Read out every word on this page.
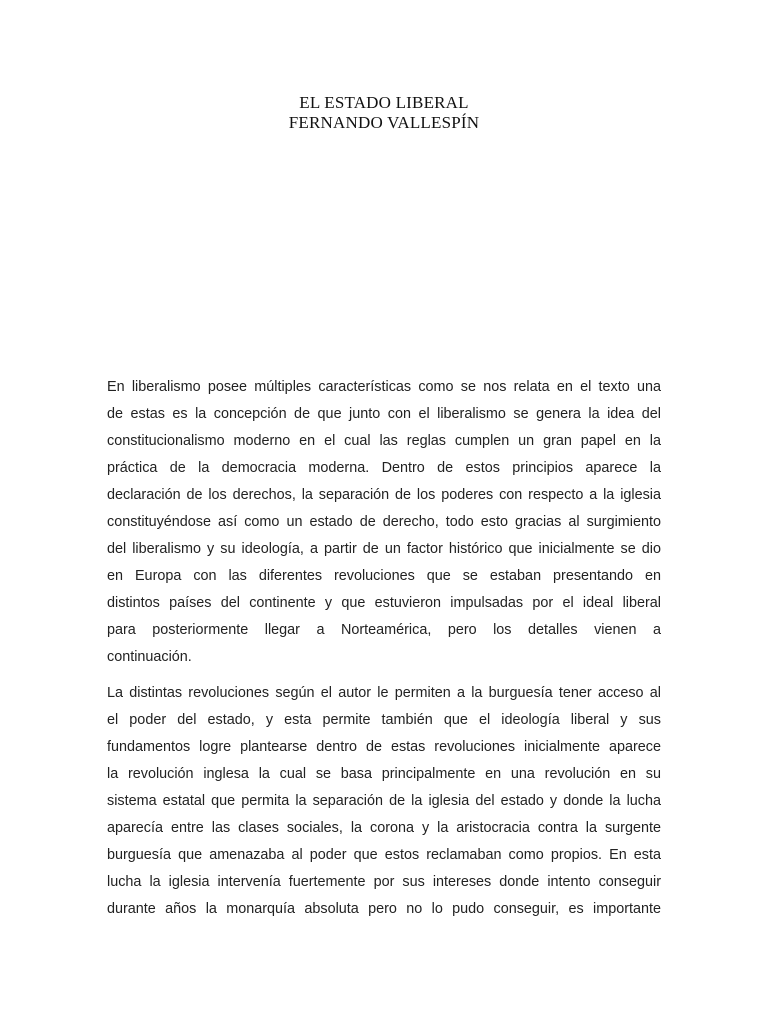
EL ESTADO LIBERAL
FERNANDO VALLESPÍN

En liberalismo posee múltiples características como se nos relata en el texto una
de estas es la concepción de que junto con el liberalismo se genera la idea del
constitucionalismo moderno en el cual las reglas cumplen un gran papel en la
práctica de la democracia moderna. Dentro de estos principios aparece la
declaración de los derechos, la separación de los poderes con respecto a la iglesia
constituyéndose así como un estado de derecho, todo esto gracias al surgimiento
del liberalismo y su ideología, a partir de un factor histórico que inicialmente se dio
en Europa con las diferentes revoluciones que se estaban presentando en
distintos países del continente y que estuvieron impulsadas por el ideal liberal
para posteriormente llegar a Norteamérica, pero los detalles vienen a
continuación.

La distintas revoluciones según el autor le permiten a la burguesía tener acceso al
el poder del estado, y esta permite también que el ideología liberal y sus
fundamentos logre plantearse dentro de estas revoluciones inicialmente aparece
la revolución inglesa la cual se basa principalmente en una revolución en su
sistema estatal que permita la separación de la iglesia del estado y donde la lucha
aparecía entre las clases sociales, la corona y la aristocracia contra la surgente
burguesía que amenazaba al poder que estos reclamaban como propios. En esta
lucha la iglesia intervenía fuertemente por sus intereses donde intento conseguir
durante años la monarquía absoluta pero no lo pudo conseguir, es importante
